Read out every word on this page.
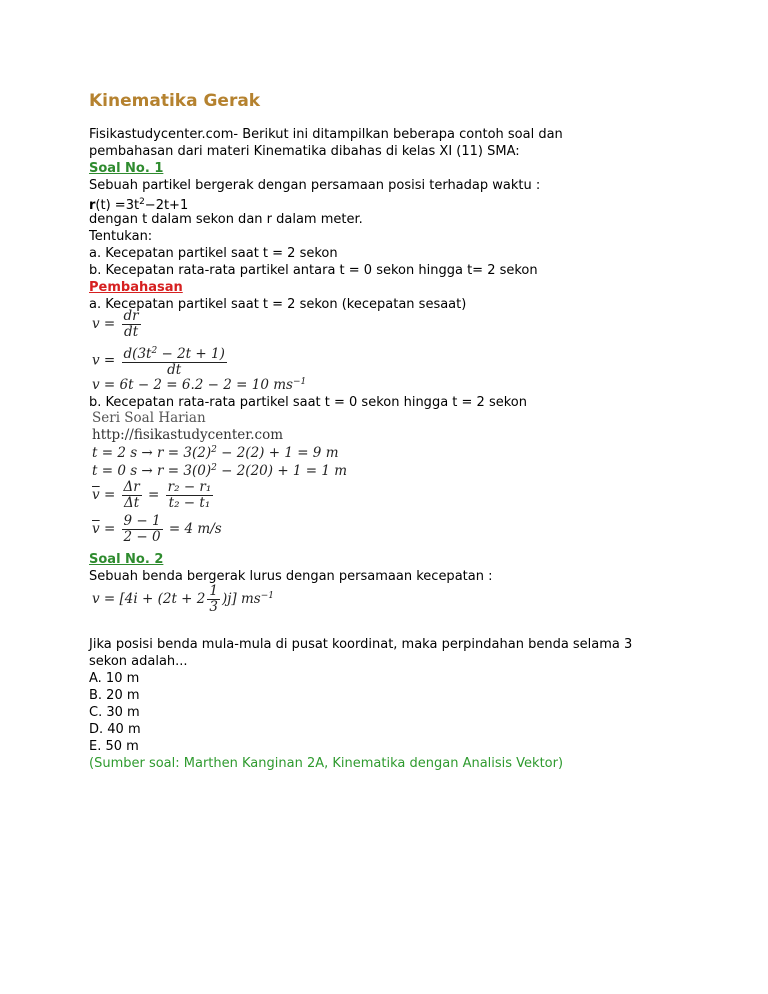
Kinematika Gerak
Fisikastudycenter.com- Berikut ini ditampilkan beberapa contoh soal dan
pembahasan dari materi Kinematika dibahas di kelas XI (11) SMA:
Soal No. 1
Sebuah partikel bergerak dengan persamaan posisi terhadap waktu :
$r(t) =3t^2-2t+1$
dengan t dalam sekon dan r dalam meter.
Tentukan:
a. Kecepatan partikel saat t = 2 sekon
b. Kecepatan rata-rata partikel antara t = 0 sekon hingga t= 2 sekon
Pembahasan
a. Kecepatan partikel saat t = 2 sekon (kecepatan sesaat)
$v = \frac{dr}{dt}$
$v = \frac{d(3t^2 - 2t + 1)}{dt}$
v = 6t − 2 = 6.2 − 2 = 10 $ms^{-1}$
b. Kecepatan rata-rata partikel saat t = 0 sekon hingga t = 2 sekon
Seri Soal Harian
http://fisikastudycenter.com
t = 2 $s \to r = 3(2)^2 - 2(2) + 1 = 9$ m
t = 0 $s \to r = 3(0)^2 - 2(20) + 1 = 1$ m
$\overline{v} = \frac{\Delta r}{\Delta t} = \frac{\text{r₂ − r₁}}{\text{t₂ − t₁}}$
$\overline{v} = \frac{9 - 1}{2 - 0} = 4$ m/s
Soal No. 2
Sebuah benda bergerak lurus dengan persamaan kecepatan :
$v = [4i + (2t + 2 \frac{1}{3} )j]$ $ms^{-1}$
Jika posisi benda mula-mula di pusat koordinat, maka perpindahan benda selama 3
sekon adalah...
A. 10 m
B. 20 m
C. 30 m
D. 40 m
E. 50 m
(Sumber soal: Marthen Kanginan 2A, Kinematika dengan Analisis Vektor)
